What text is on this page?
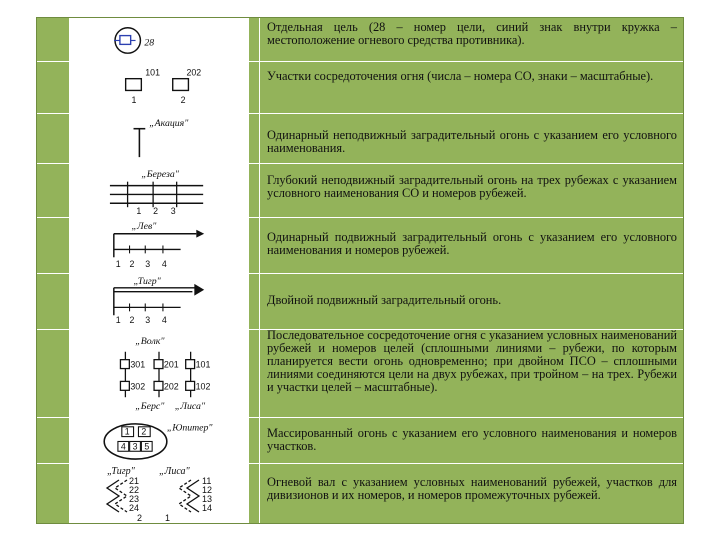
28
Отдельная цель (28 – номер цели, синий знак внутри кружка – местоположение огневого средства противника).
101	202
1	2
Участки сосредоточения огня (числа – номера СО, знаки – масштабные).
„Акация"
Одинарный неподвижный заградительный огонь с указанием его условного наименования.
„Береза"
1 2 3
Глубокий неподвижный заградительный огонь на трех рубежах с указанием условного наименования СО и номеров рубежей.
„Лев"
1 2 3 4
Одинарный подвижный заградительный огонь с указанием его условного наименования и номеров рубежей.
„Тигр"
1 2 3 4
Двойной подвижный заградительный огонь.
„Волк"
301 201 101
302 202 102
„Берс" „Лиса"
Последовательное сосредоточение огня с указанием условных наименований рубежей и номеров целей (сплошными линиями – рубежи, по которым планируется вести огонь одновременно; при двойном ПСО – сплошными линиями соединяются цели на двух рубежах, при тройном – на трех. Рубежи и участки целей – масштабные).
1 2
4 3 5
„Юпитер"	Массированный огонь с указанием его условного наименования и номеров участков.
„Тигр" „Лиса"
21
22
23
24
11
12
13
14
2	1
Огневой вал с указанием условных наименований рубежей, участков для дивизионов и их номеров, и номеров промежуточных рубежей.
